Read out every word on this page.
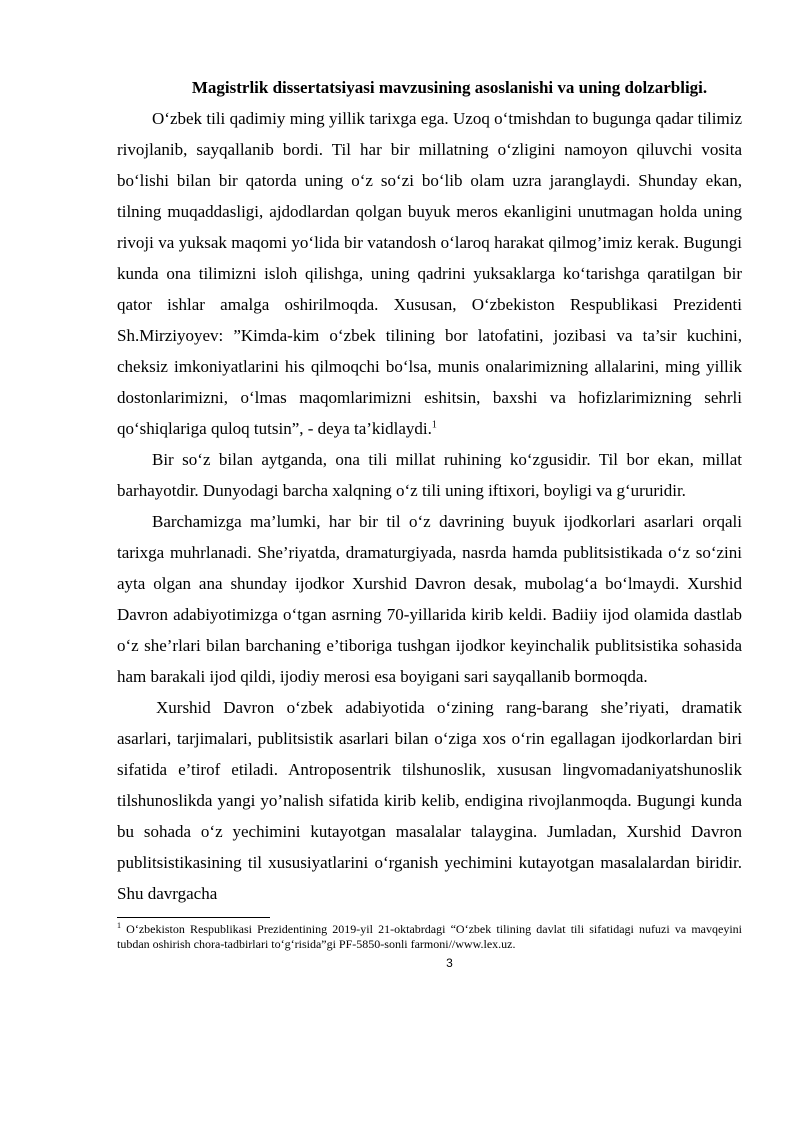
Magistrlik dissertatsiyasi mavzusining asoslanishi va uning dolzarbligi.

O‘zbek tili qadimiy ming yillik tarixga ega. Uzoq o‘tmishdan to bugunga qadar tilimiz rivojlanib, sayqallanib bordi. Til har bir millatning o‘zligini namoyon qiluvchi vosita bo‘lishi bilan bir qatorda uning o‘z so‘zi bo‘lib olam uzra jaranglaydi. Shunday ekan, tilning muqaddasligi, ajdodlardan qolgan buyuk meros ekanligini unutmagan holda uning rivoji va yuksak maqomi yo‘lida bir vatandosh o‘laroq harakat qilmog’imiz kerak. Bugungi kunda ona tilimizni isloh qilishga, uning qadrini yuksaklarga ko‘tarishga qaratilgan bir qator ishlar amalga oshirilmoqda. Xususan, O‘zbekiston Respublikasi Prezidenti Sh.Mirziyoyev: ”Kimda-kim o‘zbek tilining bor latofatini, jozibasi va ta’sir kuchini, cheksiz imkoniyatlarini his qilmoqchi bo‘lsa, munis onalarimizning allalarini, ming yillik dostonlarimizni, o‘lmas maqomlarimizni eshitsin, baxshi va hofizlarimizning sehrli qo‘shiqlariga quloq tutsin”, - deya ta’kidlaydi.$^1$

Bir so‘z bilan aytganda, ona tili millat ruhining ko‘zgusidir. Til bor ekan, millat barhayotdir. Dunyodagi barcha xalqning o‘z tili uning iftixori, boyligi va g‘ururidir.

Barchamizga ma’lumki, har bir til o‘z davrining buyuk ijodkorlari asarlari orqali tarixga muhrlanadi. She’riyatda, dramaturgiyada, nasrda hamda publitsistikada o‘z so‘zini ayta olgan ana shunday ijodkor Xurshid Davron desak, mubolag‘a bo‘lmaydi. Xurshid Davron adabiyotimizga o‘tgan asrning 70-yillarida kirib keldi. Badiiy ijod olamida dastlab o‘z she’rlari bilan barchaning e’tiboriga tushgan ijodkor keyinchalik publitsistika sohasida ham barakali ijod qildi, ijodiy merosi esa boyigani sari sayqallanib bormoqda.

Xurshid Davron o‘zbek adabiyotida o‘zining rang-barang she’riyati, dramatik asarlari, tarjimalari, publitsistik asarlari bilan o‘ziga xos o‘rin egallagan ijodkorlardan biri sifatida e’tirof etiladi. Antroposentrik tilshunoslik, xususan lingvomadaniyatshunoslik tilshunoslikda yangi yo’nalish sifatida kirib kelib, endigina rivojlanmoqda. Bugungi kunda bu sohada o‘z yechimini kutayotgan masalalar talaygina. Jumladan, Xurshid Davron publitsistikasining til xususiyatlarini o‘rganish yechimini kutayotgan masalalardan biridir. Shu davrgacha

$^1$ O‘zbekiston Respublikasi Prezidentining 2019-yil 21-oktabrdagi “O‘zbek tilining davlat tili sifatidagi nufuzi va mavqeyini tubdan oshirish chora-tadbirlari to‘g‘risida”gi PF-5850-sonli farmoni//www.lex.uz.

3
